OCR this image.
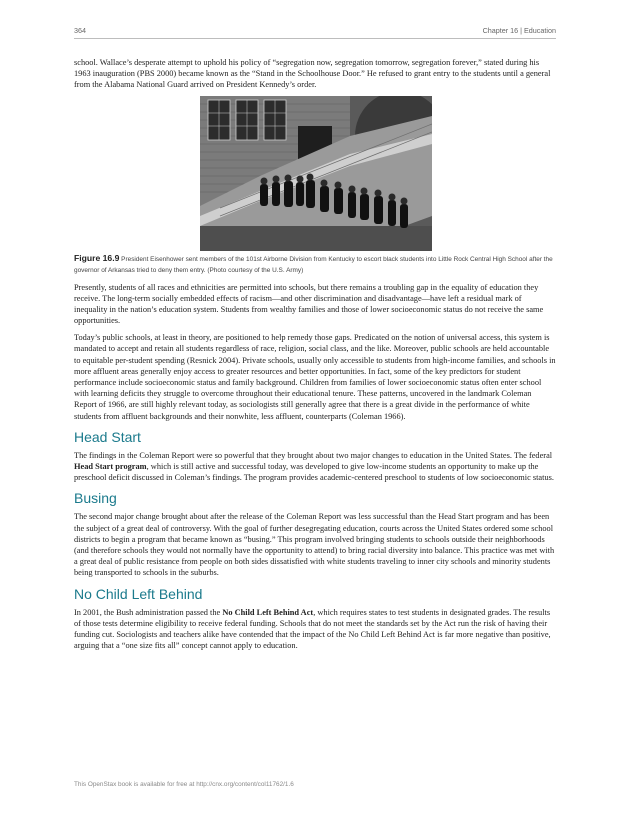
364	Chapter 16 | Education

school. Wallace’s desperate attempt to uphold his policy of “segregation now, segregation tomorrow, segregation forever,” stated during his 1963 inauguration (PBS 2000) became known as the “Stand in the Schoolhouse Door.” He refused to grant entry to the students until a general from the Alabama National Guard arrived on President Kennedy’s order.

Figure 16.9 President Eisenhower sent members of the 101st Airborne Division from Kentucky to escort black students into Little Rock Central High School after the governor of Arkansas tried to deny them entry. (Photo courtesy of the U.S. Army)

Presently, students of all races and ethnicities are permitted into schools, but there remains a troubling gap in the equality of education they receive. The long-term socially embedded effects of racism—and other discrimination and disadvantage—have left a residual mark of inequality in the nation’s education system. Students from wealthy families and those of lower socioeconomic status do not receive the same opportunities.

Today’s public schools, at least in theory, are positioned to help remedy those gaps. Predicated on the notion of universal access, this system is mandated to accept and retain all students regardless of race, religion, social class, and the like. Moreover, public schools are held accountable to equitable per-student spending (Resnick 2004). Private schools, usually only accessible to students from high-income families, and schools in more affluent areas generally enjoy access to greater resources and better opportunities. In fact, some of the key predictors for student performance include socioeconomic status and family background. Children from families of lower socioeconomic status often enter school with learning deficits they struggle to overcome throughout their educational tenure. These patterns, uncovered in the landmark Coleman Report of 1966, are still highly relevant today, as sociologists still generally agree that there is a great divide in the performance of white students from affluent backgrounds and their nonwhite, less affluent, counterparts (Coleman 1966).

Head Start

The findings in the Coleman Report were so powerful that they brought about two major changes to education in the United States. The federal Head Start program, which is still active and successful today, was developed to give low-income students an opportunity to make up the preschool deficit discussed in Coleman’s findings. The program provides academic-centered preschool to students of low socioeconomic status.

Busing

The second major change brought about after the release of the Coleman Report was less successful than the Head Start program and has been the subject of a great deal of controversy. With the goal of further desegregating education, courts across the United States ordered some school districts to begin a program that became known as “busing.” This program involved bringing students to schools outside their neighborhoods (and therefore schools they would not normally have the opportunity to attend) to bring racial diversity into balance. This practice was met with a great deal of public resistance from people on both sides dissatisfied with white students traveling to inner city schools and minority students being transported to schools in the suburbs.

No Child Left Behind

In 2001, the Bush administration passed the No Child Left Behind Act, which requires states to test students in designated grades. The results of those tests determine eligibility to receive federal funding. Schools that do not meet the standards set by the Act run the risk of having their funding cut. Sociologists and teachers alike have contended that the impact of the No Child Left Behind Act is far more negative than positive, arguing that a “one size fits all” concept cannot apply to education.

This OpenStax book is available for free at http://cnx.org/content/col11762/1.6
